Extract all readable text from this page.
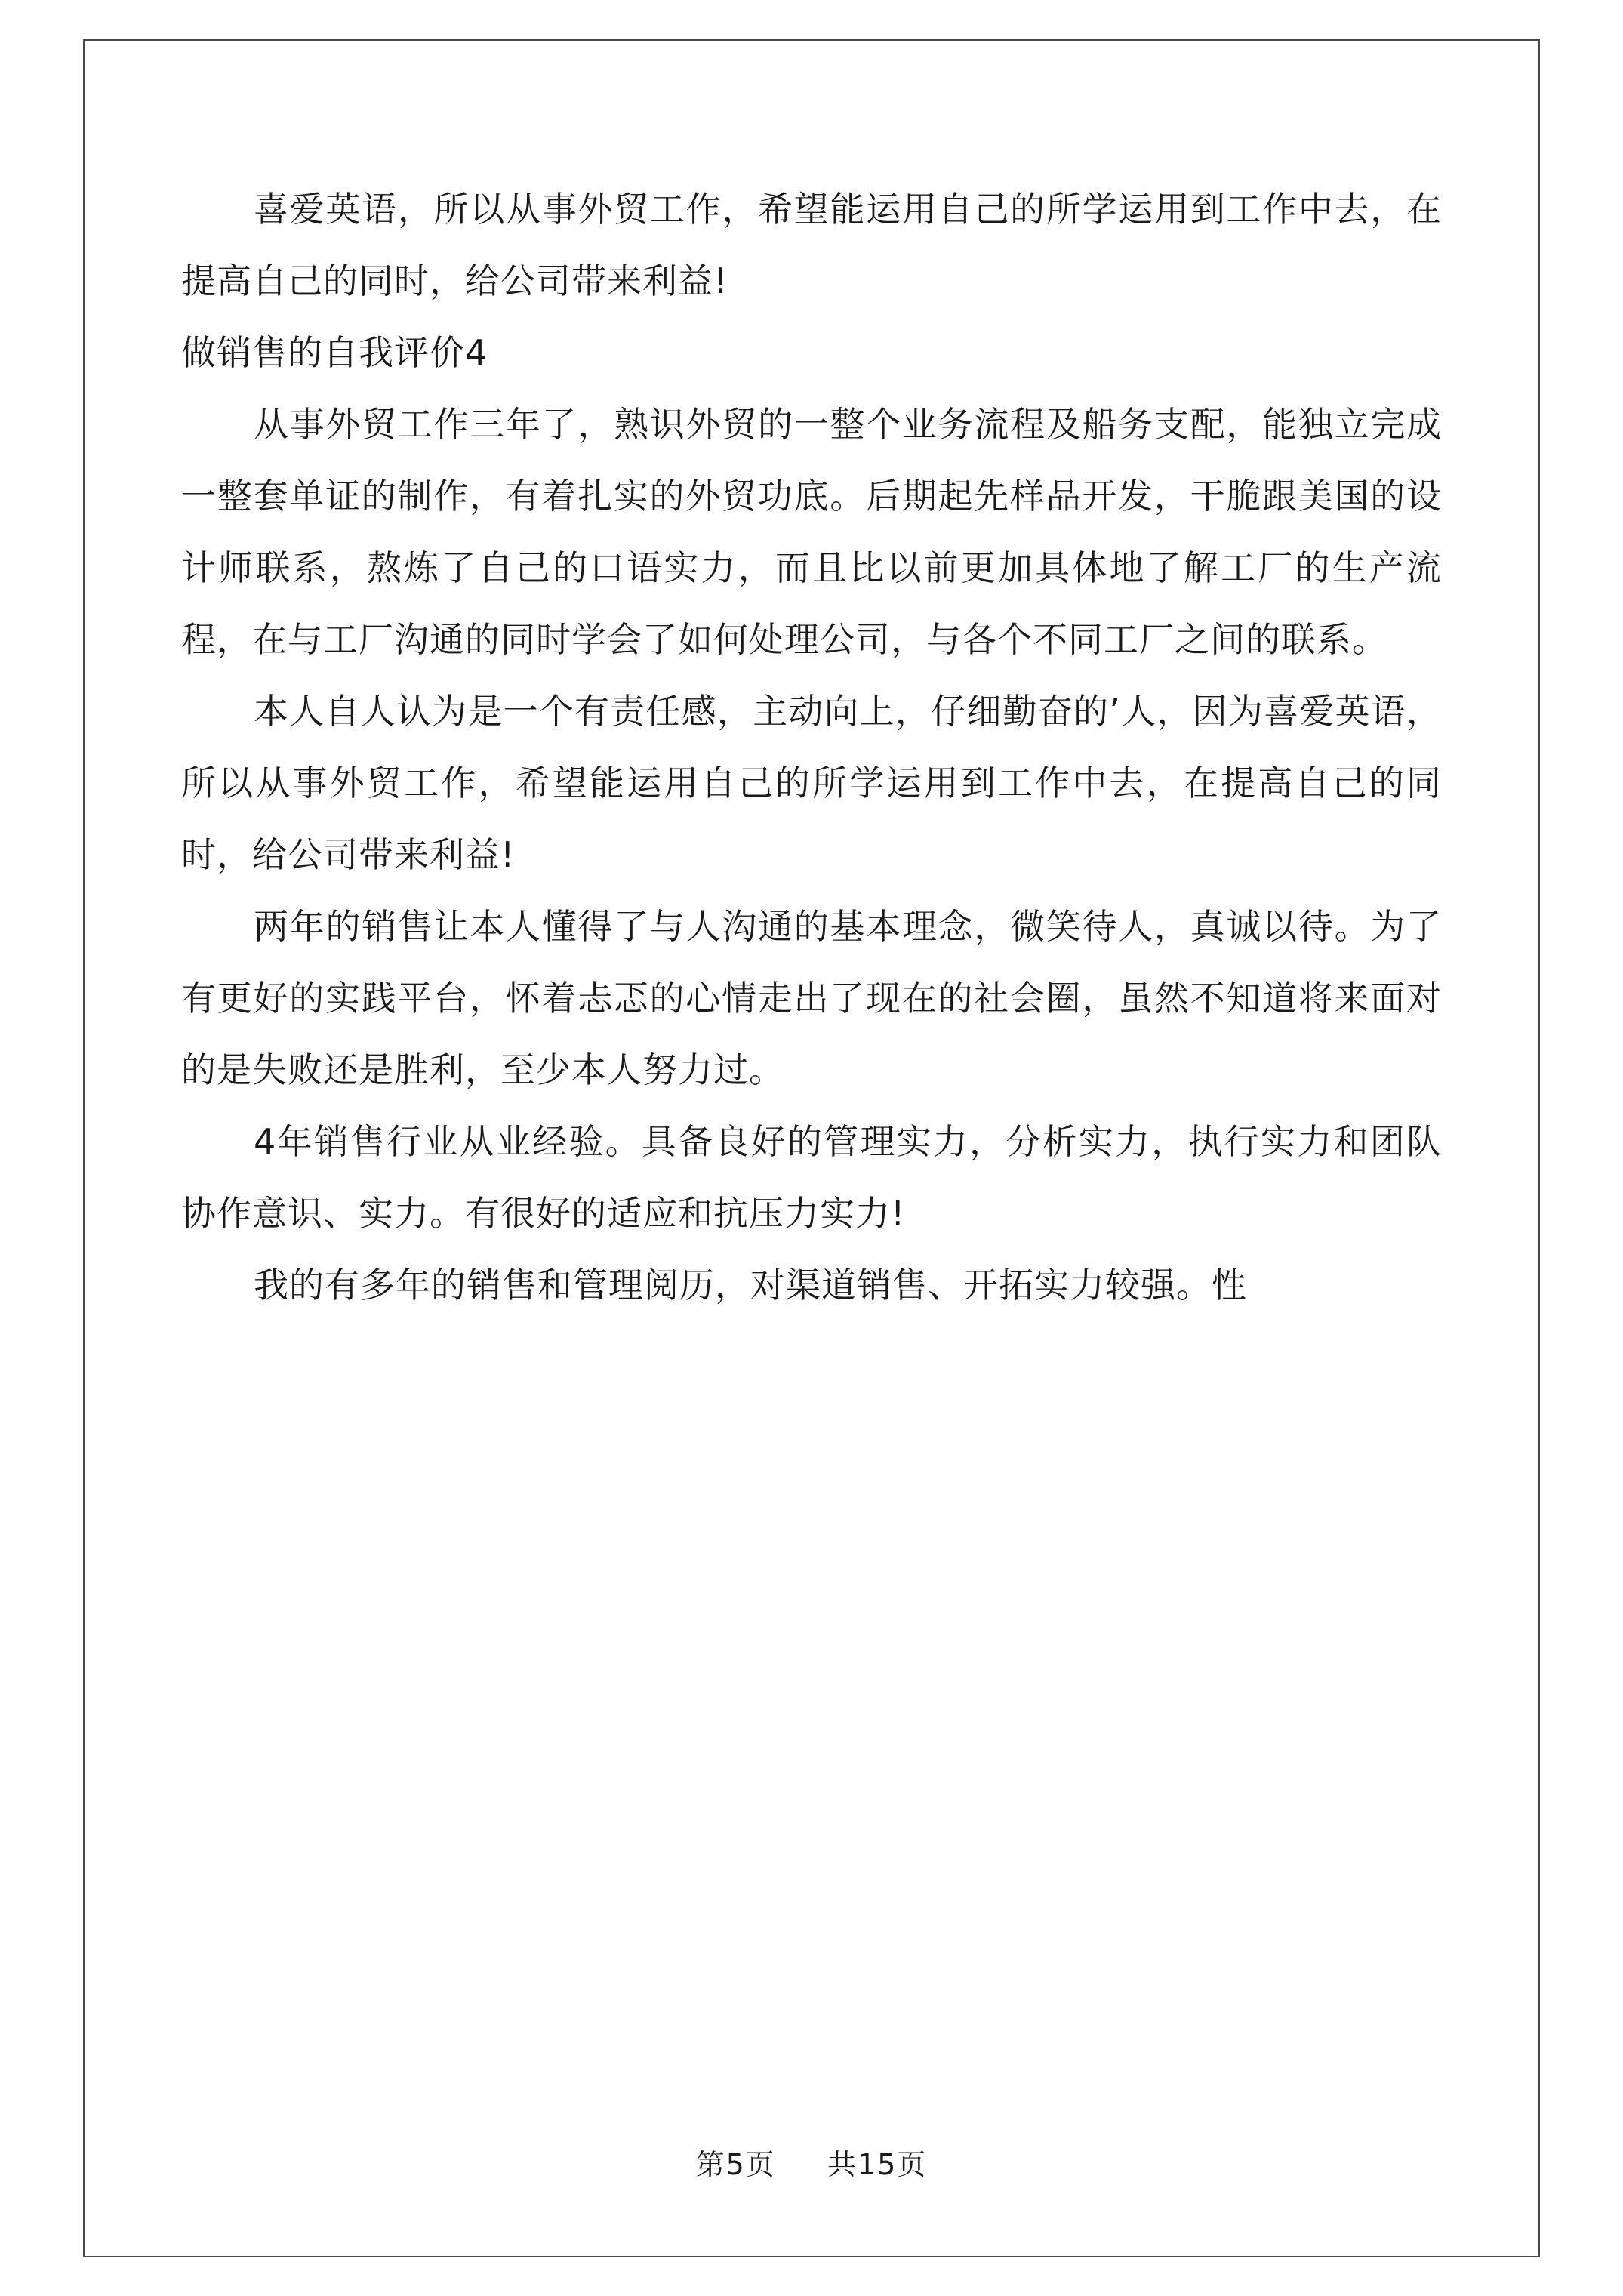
喜爱英语，所以从事外贸工作，希望能运用自己的所学运用到工作中去，在提高自己的同时，给公司带来利益!

做销售的自我评价4

从事外贸工作三年了，熟识外贸的一整个业务流程及船务支配，能独立完成一整套单证的制作，有着扎实的外贸功底。后期起先样品开发，干脆跟美国的设计师联系，熬炼了自己的口语实力，而且比以前更加具体地了解工厂的生产流程，在与工厂沟通的同时学会了如何处理公司，与各个不同工厂之间的联系。

本人自人认为是一个有责任感，主动向上，仔细勤奋的’人，因为喜爱英语，所以从事外贸工作，希望能运用自己的所学运用到工作中去，在提高自己的同时，给公司带来利益!

两年的销售让本人懂得了与人沟通的基本理念，微笑待人，真诚以待。为了有更好的实践平台，怀着忐忑的心情走出了现在的社会圈，虽然不知道将来面对的是失败还是胜利，至少本人努力过。

4年销售行业从业经验。具备良好的管理实力，分析实力，执行实力和团队协作意识、实力。有很好的适应和抗压力实力!

我的有多年的销售和管理阅历，对渠道销售、开拓实力较强。性

第5页 共15页
